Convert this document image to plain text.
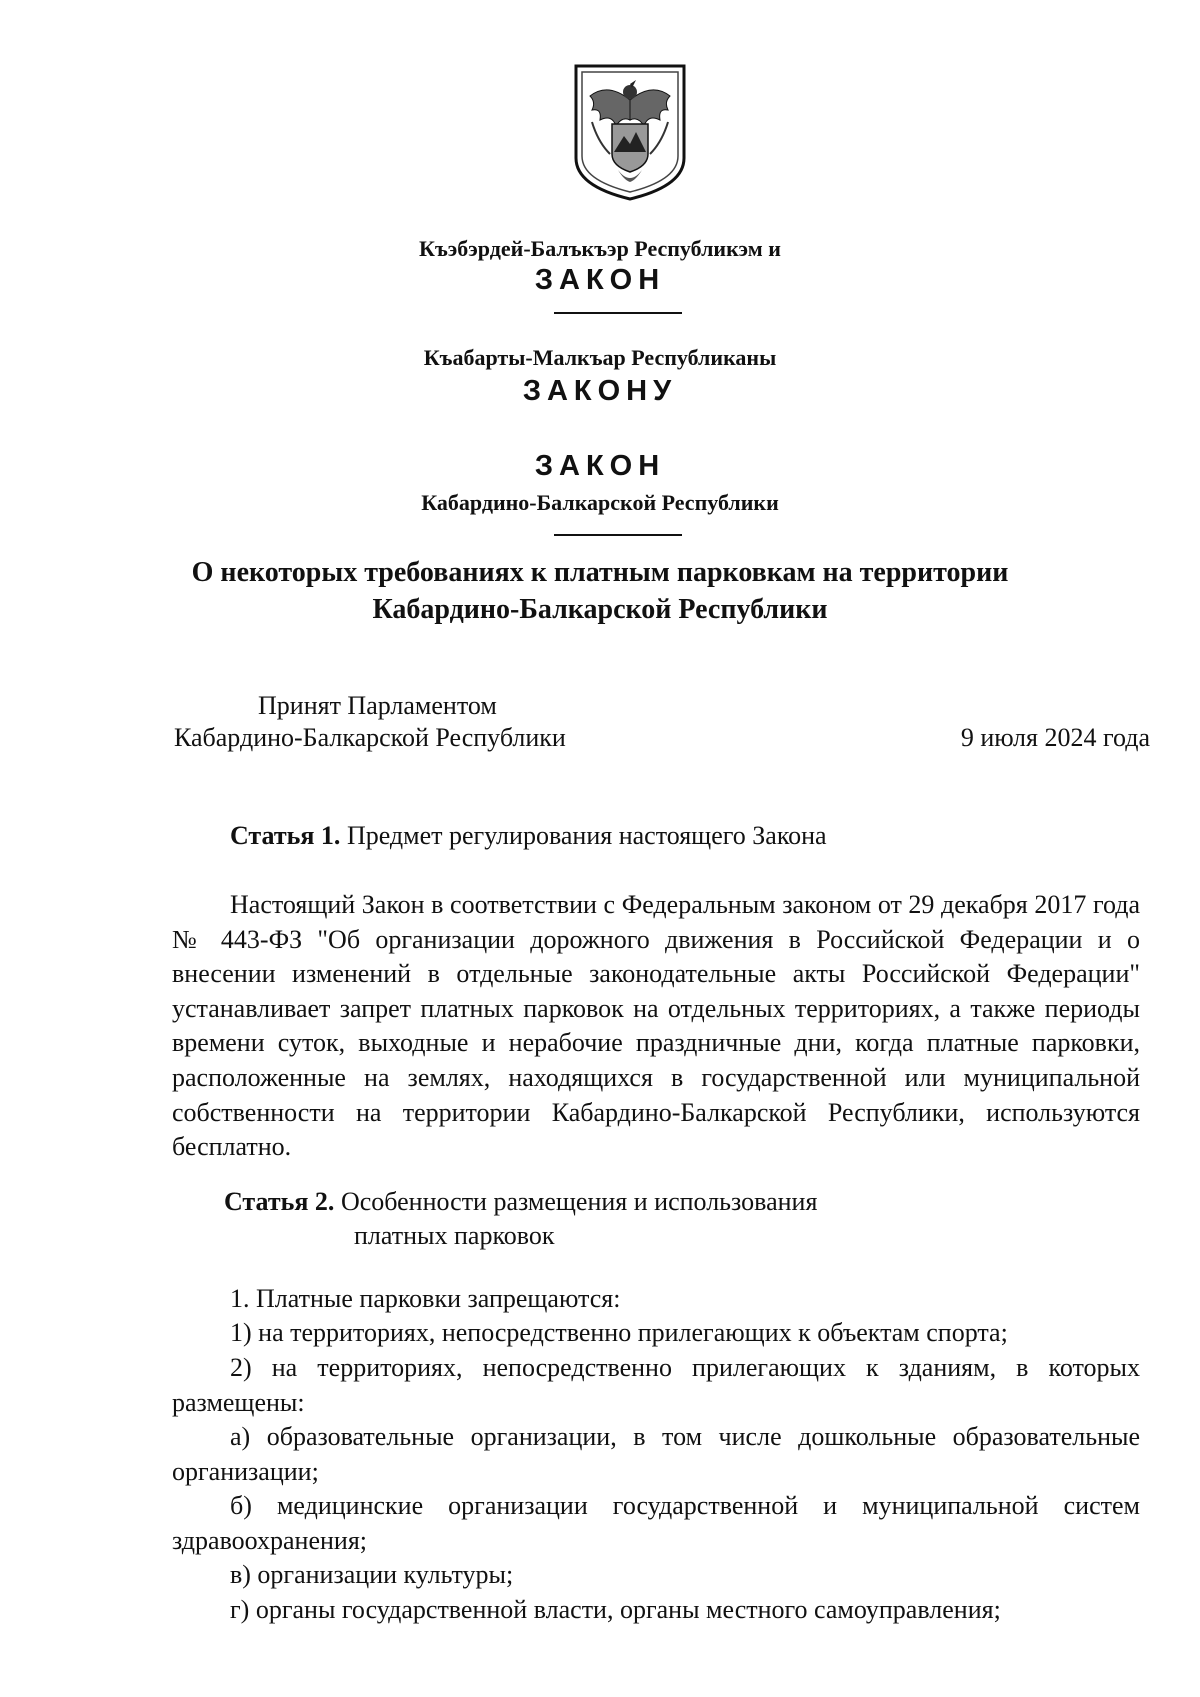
Къэбэрдей-Балъкъэр Республикэм и
ЗАКОН
Къабарты-Малкъар Республиканы
ЗАКОНУ
ЗАКОН
Кабардино-Балкарской Республики
О некоторых требованиях к платным парковкам на территории
Кабардино-Балкарской Республики
Принят Парламентом
Кабардино-Балкарской Республики	9 июля 2024 года
Статья 1. Предмет регулирования настоящего Закона

Настоящий Закон в соответствии с Федеральным законом от 29 декабря 2017 года № 443-ФЗ "Об организации дорожного движения в Российской Федерации и о внесении изменений в отдельные законодательные акты Российской Федерации" устанавливает запрет платных парковок на отдельных территориях, а также периоды времени суток, выходные и нерабочие праздничные дни, когда платные парковки, расположенные на землях, находящихся в государственной или муниципальной собственности на территории Кабардино-Балкарской Республики, используются бесплатно.

Статья 2. Особенности размещения и использования
платных парковок

1. Платные парковки запрещаются:

1) на территориях, непосредственно прилегающих к объектам спорта;

2) на территориях, непосредственно прилегающих к зданиям, в которых размещены:

а) образовательные организации, в том числе дошкольные образовательные организации;

б) медицинские организации государственной и муниципальной систем здравоохранения;

в) организации культуры;

г) органы государственной власти, органы местного самоуправления;
